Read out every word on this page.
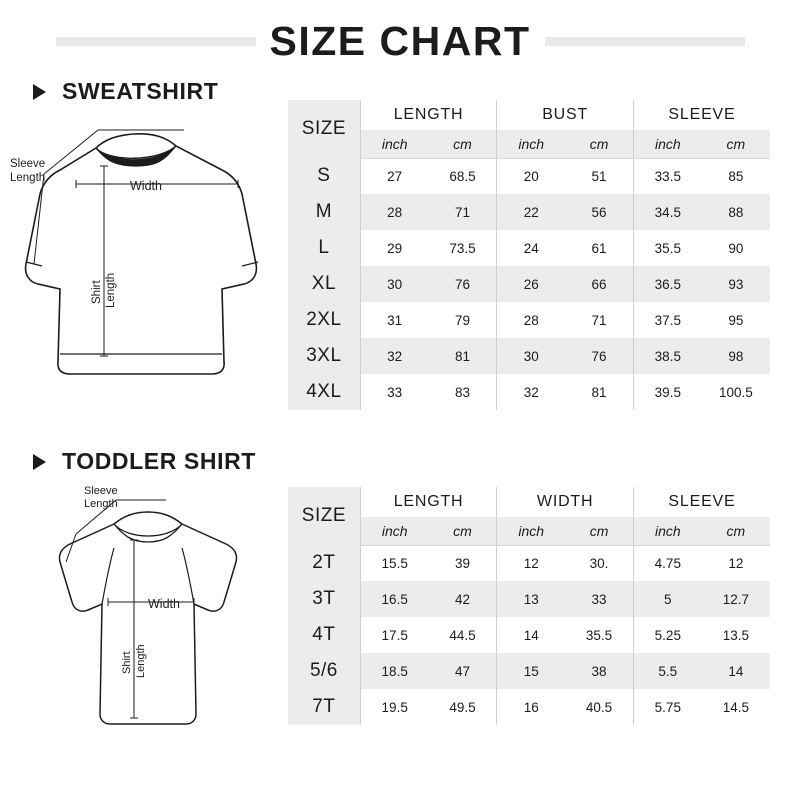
SIZE CHART
SWEATSHIRT
Width
Sleeve
Length
Shirt Length
SIZE	LENGTH		BUST		SLEEVE	
	inch	cm	inch	cm	inch	cm
S	27	68.5	20	51	33.5	85
M	28	71	22	56	34.5	88
L	29	73.5	24	61	35.5	90
XL	30	76	26	66	36.5	93
2XL	31	79	28	71	37.5	95
3XL	32	81	30	76	38.5	98
4XL	33	83	32	81	39.5	100.5
TODDLER SHIRT
Sleeve
Length
Width
Shirt Length
SIZE	LENGTH		WIDTH		SLEEVE	
	inch	cm	inch	cm	inch	cm
2T	15.5	39	12	30.	4.75	12
3T	16.5	42	13	33	5	12.7
4T	17.5	44.5	14	35.5	5.25	13.5
5/6	18.5	47	15	38	5.5	14
7T	19.5	49.5	16	40.5	5.75	14.5
